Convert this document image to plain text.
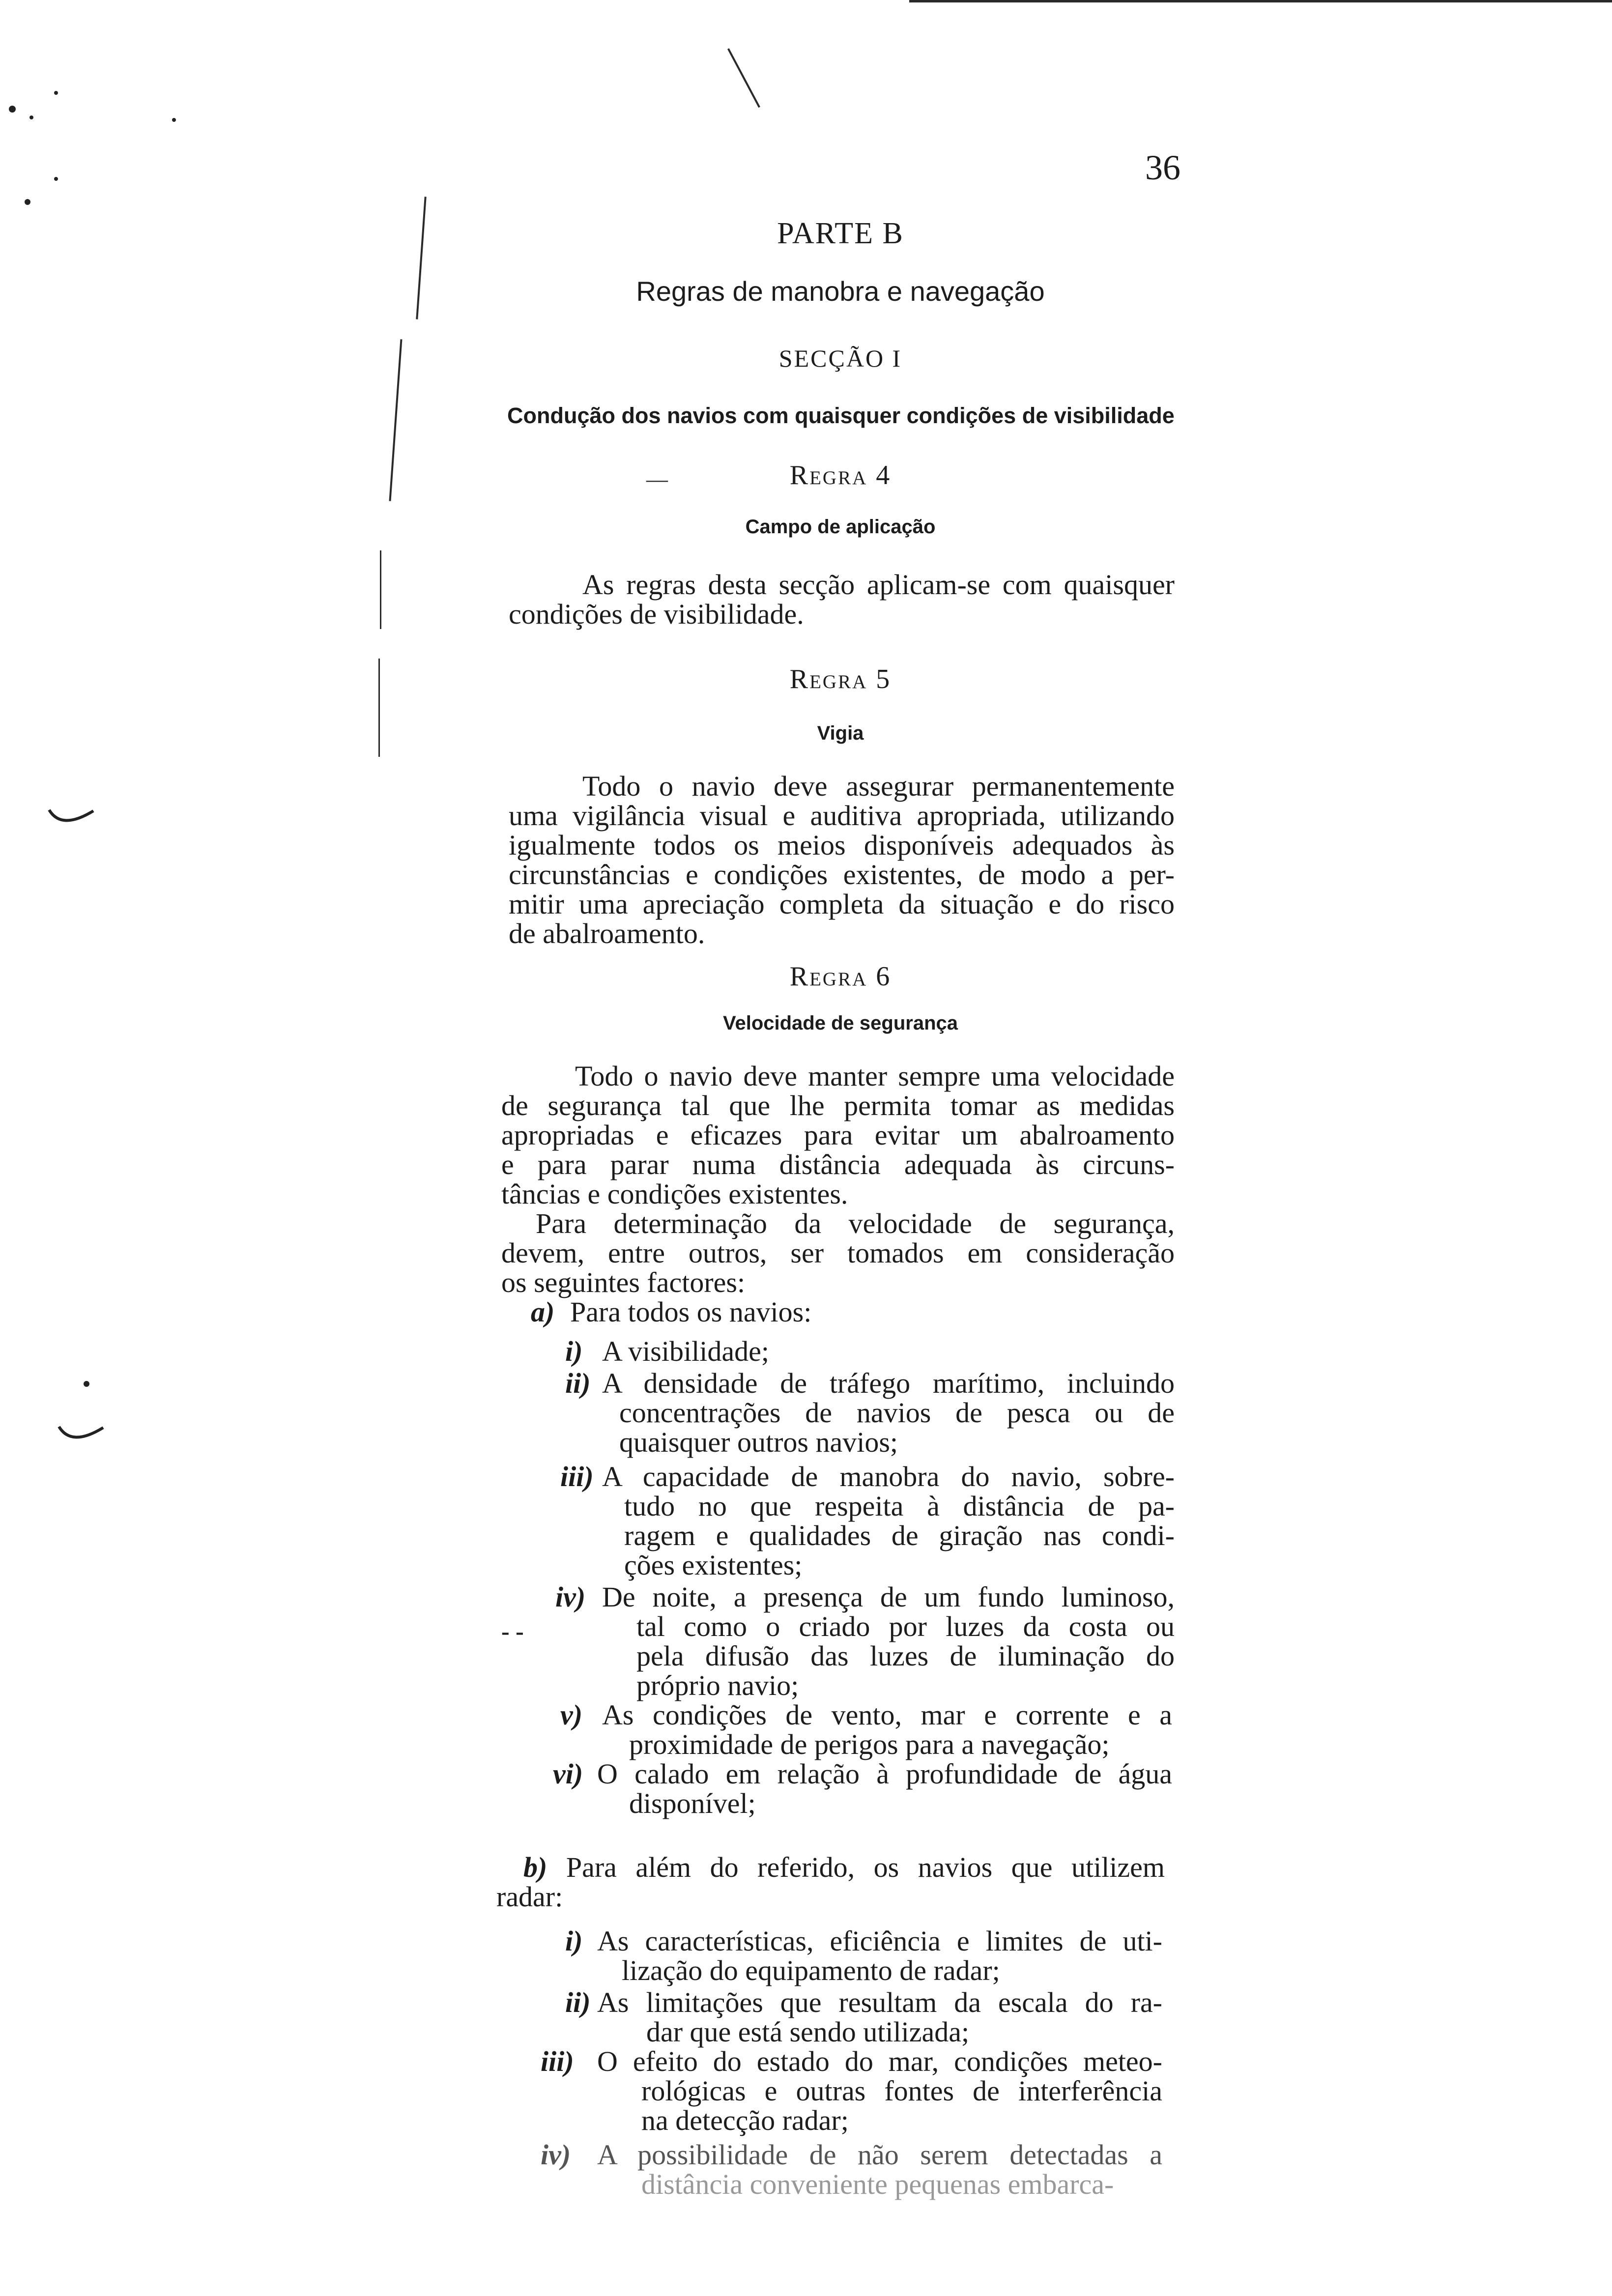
- -
—
36
PARTE B
Regras de manobra e navegação
SECÇÃO I
Condução dos navios com quaisquer condições de visibilidade
Regra 4
Campo de aplicação
As regras desta secção aplicam-se com quaisquer
condições de visibilidade.
Regra 5
Vigia
Todo o navio deve assegurar permanentemente
uma vigilância visual e auditiva apropriada, utilizando
igualmente todos os meios disponíveis adequados às
circunstâncias e condições existentes, de modo a per-
mitir uma apreciação completa da situação e do risco
de abalroamento.
Regra 6
Velocidade de segurança
Todo o navio deve manter sempre uma velocidade
de segurança tal que lhe permita tomar as medidas
apropriadas e eficazes para evitar um abalroamento
e para parar numa distância adequada às circuns-
tâncias e condições existentes.
Para determinação da velocidade de segurança,
devem, entre outros, ser tomados em consideração
os seguintes factores:
a) Para todos os navios:
i) A visibilidade;
ii) A densidade de tráfego marítimo, incluindo
concentrações de navios de pesca ou de
quaisquer outros navios;
iii) A capacidade de manobra do navio, sobre-
tudo no que respeita à distância de pa-
ragem e qualidades de giração nas condi-
ções existentes;
iv) De noite, a presença de um fundo luminoso,
tal como o criado por luzes da costa ou
pela difusão das luzes de iluminação do
próprio navio;
v) As condições de vento, mar e corrente e a
proximidade de perigos para a navegação;
vi) O calado em relação à profundidade de água
disponível;
b) Para além do referido, os navios que utilizem
radar:
i) As características, eficiência e limites de uti-
lização do equipamento de radar;
ii) As limitações que resultam da escala do ra-
dar que está sendo utilizada;
iii) O efeito do estado do mar, condições meteo-
rológicas e outras fontes de interferência
na detecção radar;
iv) A possibilidade de não serem detectadas a
distância conveniente pequenas embarca-
